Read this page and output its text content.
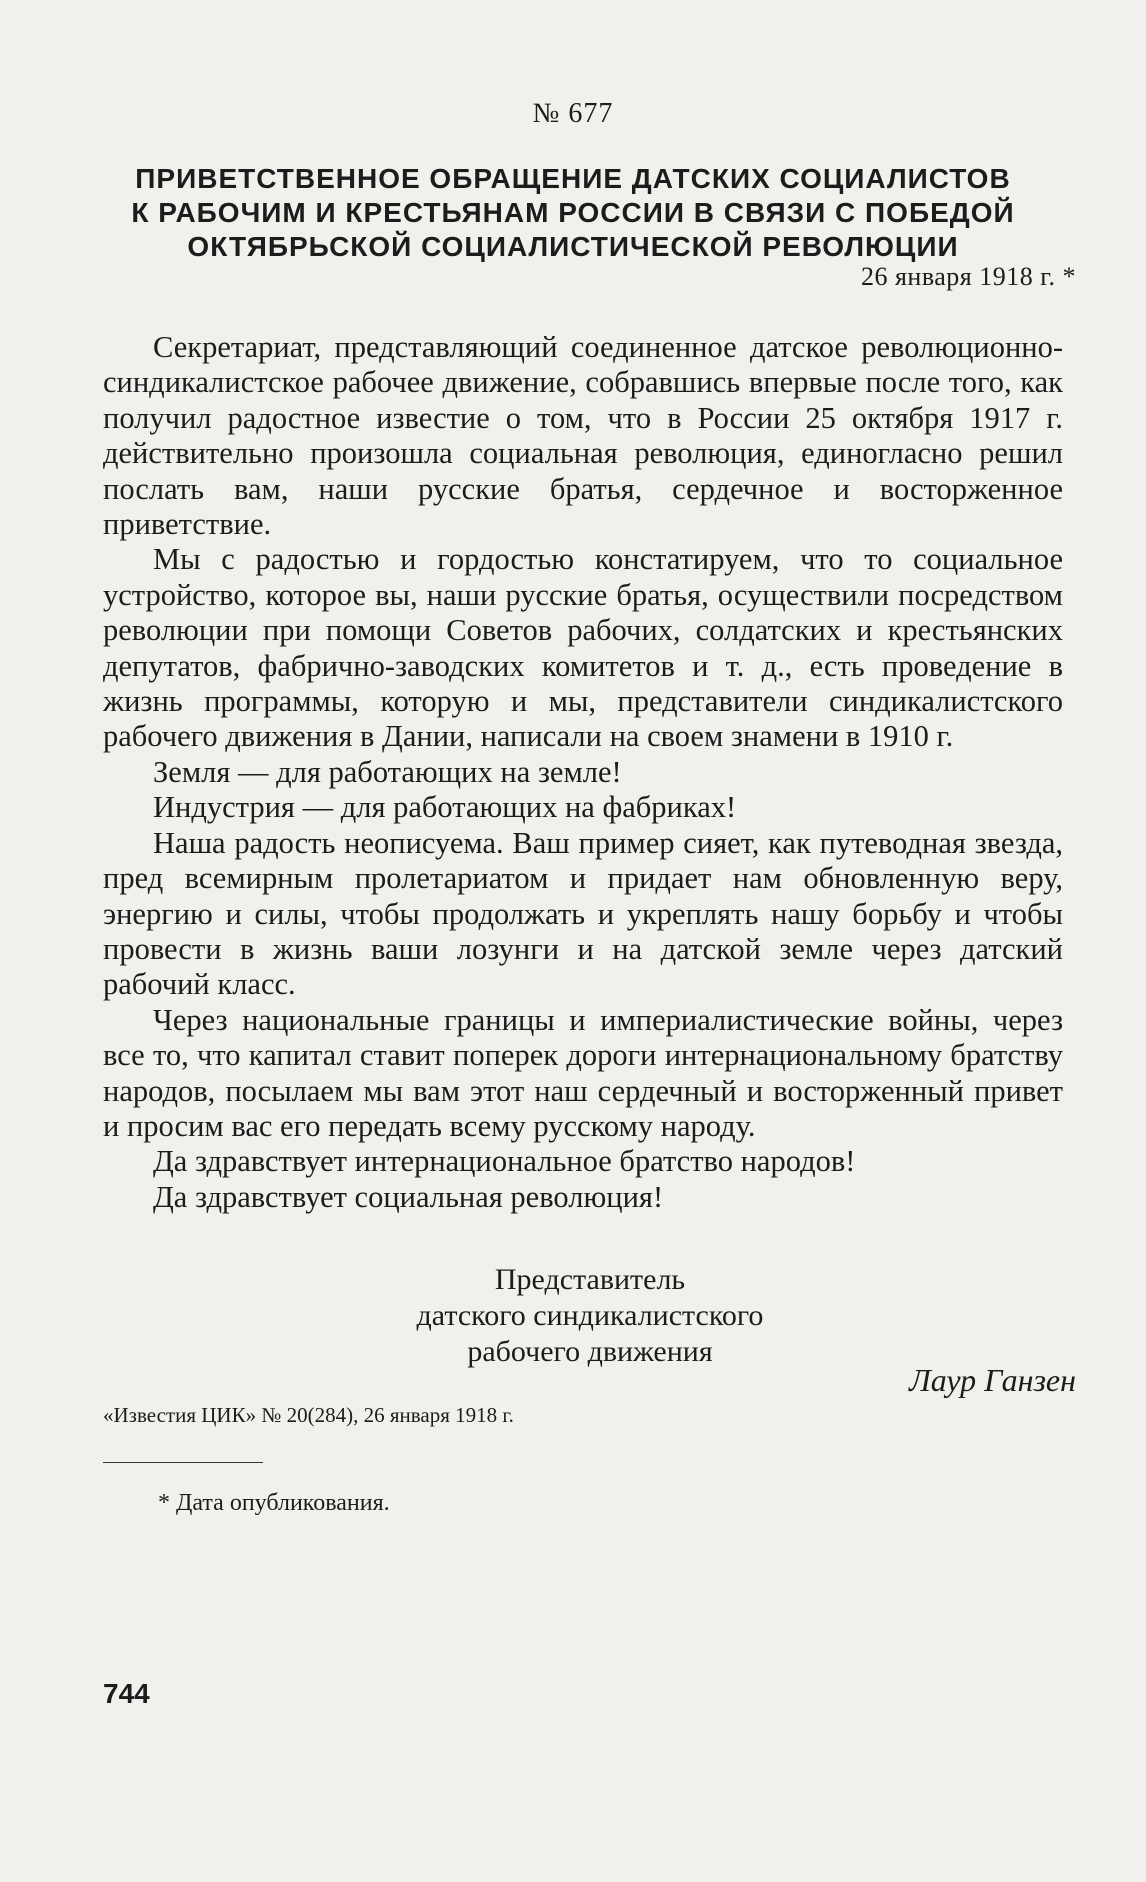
№ 677
ПРИВЕТСТВЕННОЕ ОБРАЩЕНИЕ ДАТСКИХ СОЦИАЛИСТОВ
К РАБОЧИМ И КРЕСТЬЯНАМ РОССИИ В СВЯЗИ С ПОБЕДОЙ
ОКТЯБРЬСКОЙ СОЦИАЛИСТИЧЕСКОЙ РЕВОЛЮЦИИ
26 января 1918 г. *

Секретариат, представляющий соединенное датское революционно-синдикалистское рабочее движение, собравшись впервые после того, как получил радостное известие о том, что в России 25 октября 1917 г. действительно произошла социальная революция, единогласно решил послать вам, наши русские братья, сердечное и восторженное приветствие.

Мы с радостью и гордостью констатируем, что то социальное устройство, которое вы, наши русские братья, осуществили посредством революции при помощи Советов рабочих, солдатских и крестьянских депутатов, фабрично-заводских комитетов и т. д., есть проведение в жизнь программы, которую и мы, представители синдикалистского рабочего движения в Дании, написали на своем знамени в 1910 г.

Земля — для работающих на земле!

Индустрия — для работающих на фабриках!

Наша радость неописуема. Ваш пример сияет, как путеводная звезда, пред всемирным пролетариатом и придает нам обновленную веру, энергию и силы, чтобы продолжать и укреплять нашу борьбу и чтобы провести в жизнь ваши лозунги и на датской земле через датский рабочий класс.

Через национальные границы и империалистические войны, через все то, что капитал ставит поперек дороги интернациональному братству народов, посылаем мы вам этот наш сердечный и восторженный привет и просим вас его передать всему русскому народу.

Да здравствует интернациональное братство народов!

Да здравствует социальная революция!

Представитель
датского синдикалистского
рабочего движения
Лаур Ганзен
«Известия ЦИК» № 20(284), 26 января 1918 г.
* Дата опубликования.
744
